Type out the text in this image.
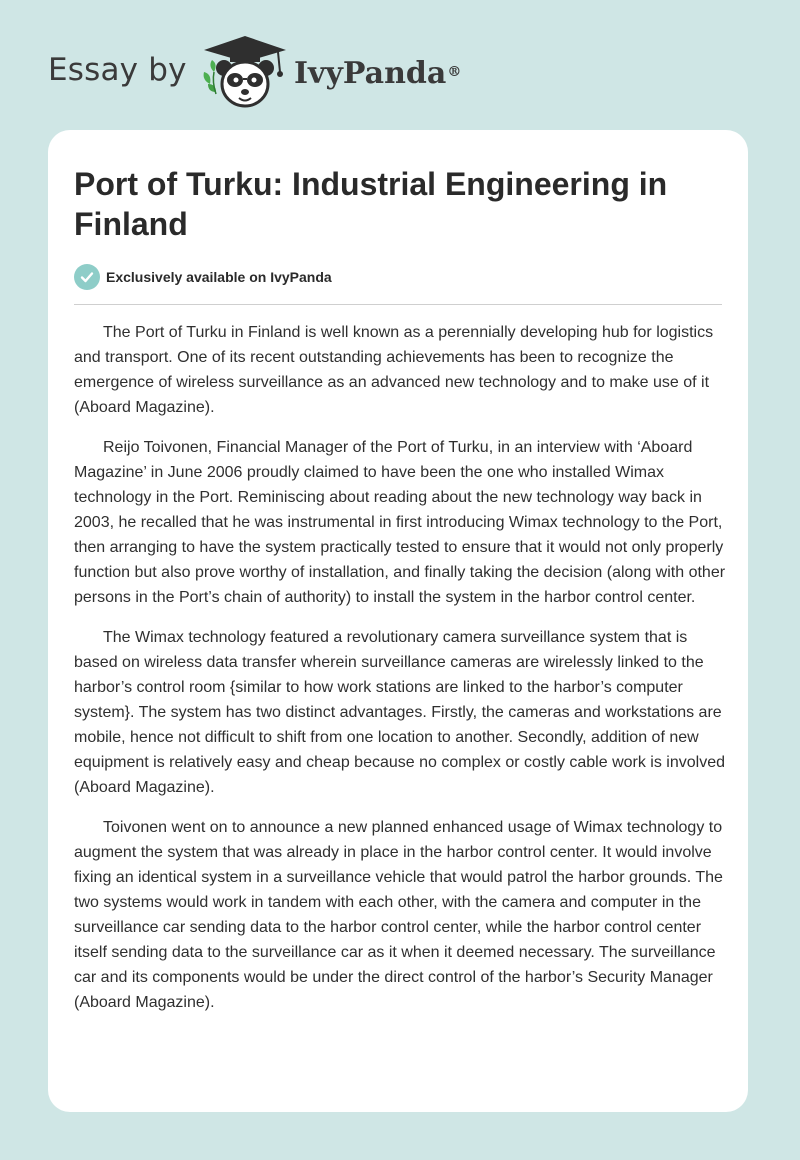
Essay by	IvyPanda®
Port of Turku: Industrial Engineering in Finland
Exclusively available on IvyPanda

The Port of Turku in Finland is well known as a perennially developing hub for logistics and transport. One of its recent outstanding achievements has been to recognize the emergence of wireless surveillance as an advanced new technology and to make use of it (Aboard Magazine).

Reijo Toivonen, Financial Manager of the Port of Turku, in an interview with ‘Aboard Magazine’ in June 2006 proudly claimed to have been the one who installed Wimax technology in the Port. Reminiscing about reading about the new technology way back in 2003, he recalled that he was instrumental in first introducing Wimax technology to the Port, then arranging to have the system practically tested to ensure that it would not only properly function but also prove worthy of installation, and finally taking the decision (along with other persons in the Port’s chain of authority) to install the system in the harbor control center.

The Wimax technology featured a revolutionary camera surveillance system that is based on wireless data transfer wherein surveillance cameras are wirelessly linked to the harbor’s control room {similar to how work stations are linked to the harbor’s computer system}. The system has two distinct advantages. Firstly, the cameras and workstations are mobile, hence not difficult to shift from one location to another. Secondly, addition of new equipment is relatively easy and cheap because no complex or costly cable work is involved (Aboard Magazine).

Toivonen went on to announce a new planned enhanced usage of Wimax technology to augment the system that was already in place in the harbor control center. It would involve fixing an identical system in a surveillance vehicle that would patrol the harbor grounds. The two systems would work in tandem with each other, with the camera and computer in the surveillance car sending data to the harbor control center, while the harbor control center itself sending data to the surveillance car as it when it deemed necessary. The surveillance car and its components would be under the direct control of the harbor’s Security Manager (Aboard Magazine).
